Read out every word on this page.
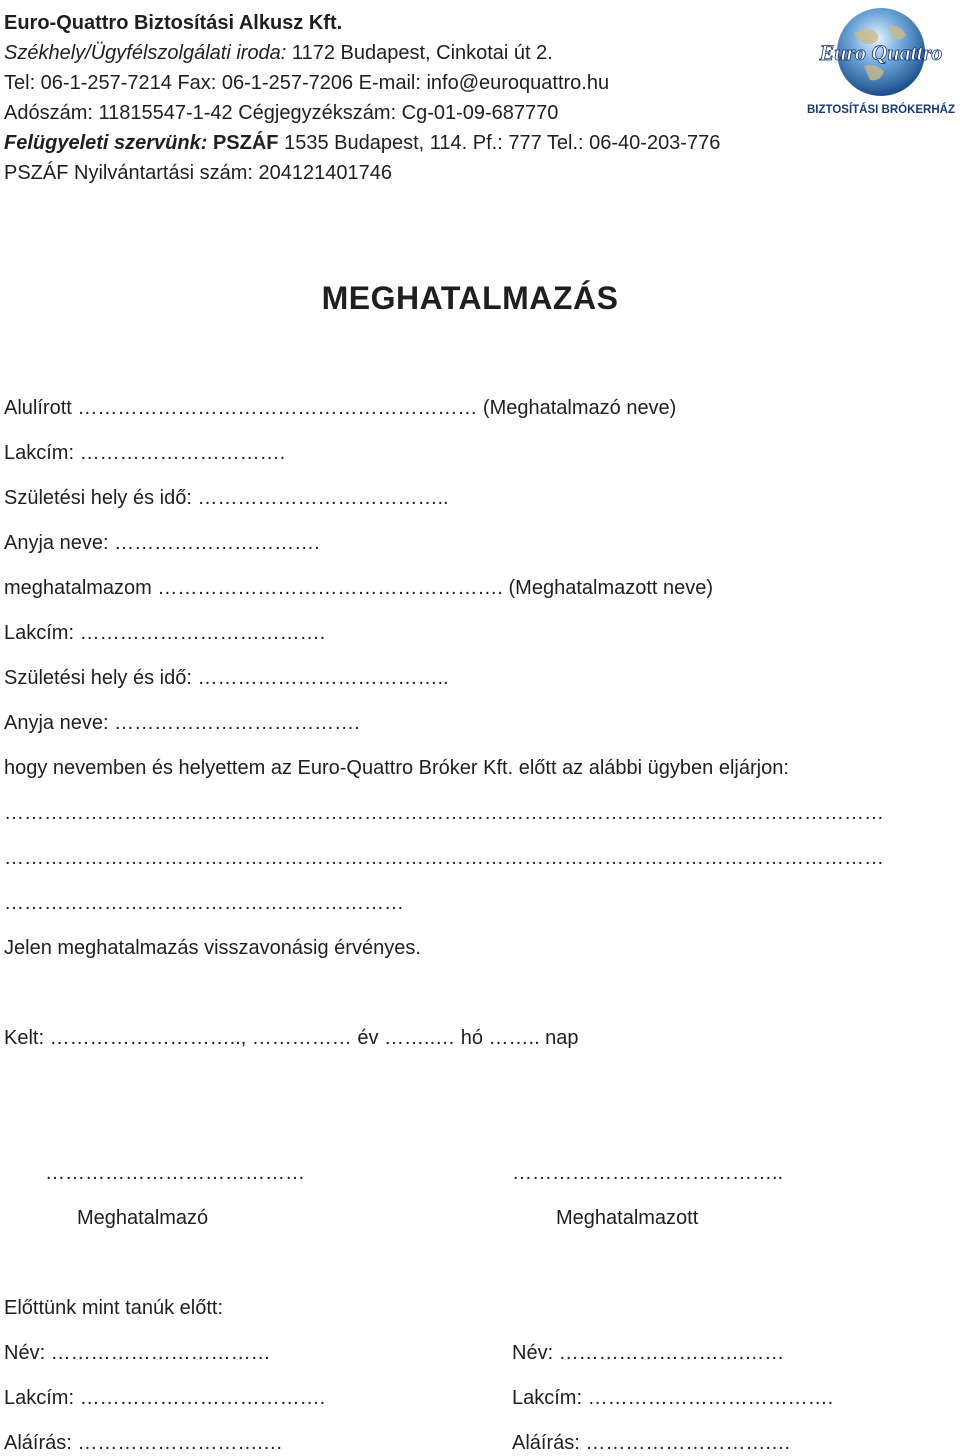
Euro-Quattro Biztosítási Alkusz Kft.
Székhely/Ügyfélszolgálati iroda: 1172 Budapest, Cinkotai út 2.
Tel: 06-1-257-7214 Fax: 06-1-257-7206 E-mail: info@euroquattro.hu
Adószám: 11815547-1-42 Cégjegyzékszám: Cg-01-09-687770
Felügyeleti szervünk: PSZÁF 1535 Budapest, 114. Pf.: 777 Tel.: 06-40-203-776
PSZÁF Nyilvántartási szám: 204121401746
Euro Quattro
BIZTOSÍTÁSI BRÓKERHÁZ
MEGHATALMAZÁS
Alulírott …………………………………………………… (Meghatalmazó neve)
Lakcím: ………………………….
Születési hely és idő: ………………………………..
Anyja neve: ………………………….
meghatalmazom ……………………………………………. (Meghatalmazott neve)
Lakcím: ……………………………….
Születési hely és idő: ………………………………..
Anyja neve: ……………………………….
hogy nevemben és helyettem az Euro-Quattro Bróker Kft. előtt az alábbi ügyben eljárjon:
……………………………………………………………………………………………………………………
……………………………………………………………………………………………………………………
……………………………………………………
Jelen meghatalmazás visszavonásig érvényes.
Kelt: ……………………….., …………… év ……..… hó …….. nap
…………………………………
Meghatalmazó
…………………………………..
Meghatalmazott
Előttünk mint tanúk előtt:
Név: ……………………………
Lakcím: ……………………………….
Aláírás: ……………………….…
Név: ……………………….……
Lakcím: ……………………………….
Aláírás: ……………………….…
